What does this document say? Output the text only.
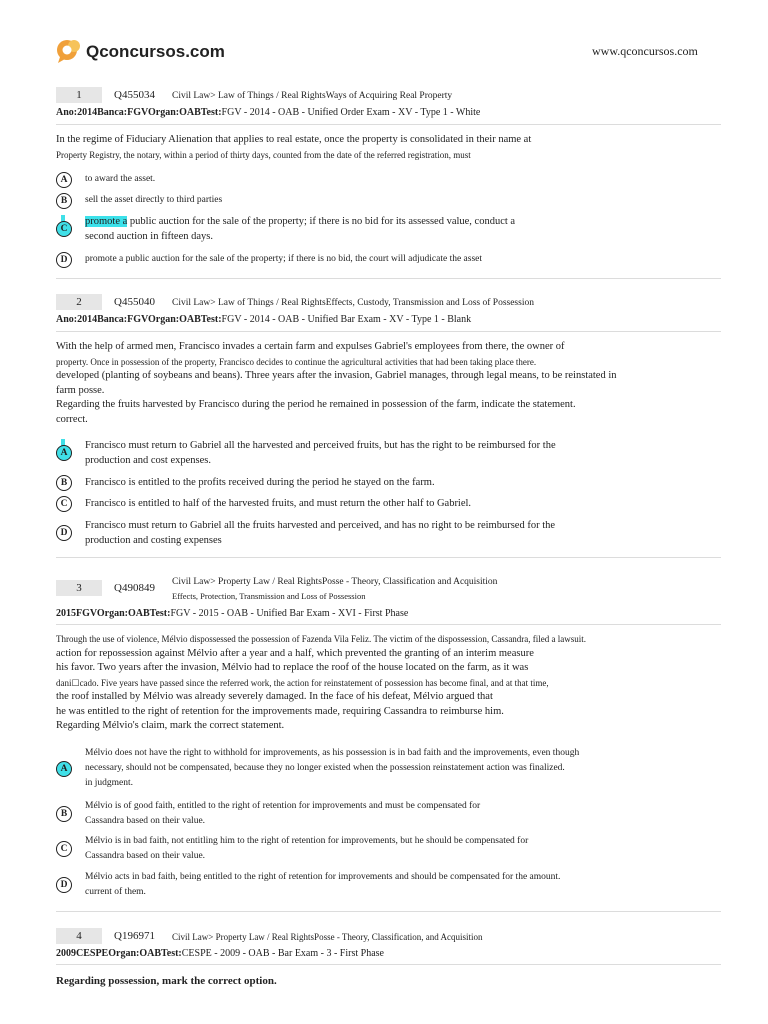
Qconcursos.com	www.qconcursos.com
1	Q455034 Civil Law> Law of Things / Real RightsWays of Acquiring Real Property
Ano:2014Banca:FGVOrgan:OABTest:FGV - 2014 - OAB - Unified Order Exam - XV - Type 1 - White
In the regime of Fiduciary Alienation that applies to real estate, once the property is consolidated in their name at
Property Registry, the notary, within a period of thirty days, counted from the date of the referred registration, must
A	to award the asset.
B	sell the asset directly to third parties
C
promote a public auction for the sale of the property; if there is no bid for its assessed value, conduct a
second auction in fifteen days.
D	promote a public auction for the sale of the property; if there is no bid, the court will adjudicate the asset
2	Q455040 Civil Law> Law of Things / Real RightsEffects, Custody, Transmission and Loss of Possession
Ano:2014Banca:FGVOrgan:OABTest:FGV - 2014 - OAB - Unified Bar Exam - XV - Type 1 - Blank
With the help of armed men, Francisco invades a certain farm and expulses Gabriel's employees from there, the owner of
property. Once in possession of the property, Francisco decides to continue the agricultural activities that had been taking place there.
developed (planting of soybeans and beans). Three years after the invasion, Gabriel manages, through legal means, to be reinstated in
farm posse.
Regarding the fruits harvested by Francisco during the period he remained in possession of the farm, indicate the statement.
correct.
A
Francisco must return to Gabriel all the harvested and perceived fruits, but has the right to be reimbursed for the
production and cost expenses.
B	Francisco is entitled to the profits received during the period he stayed on the farm.
C	Francisco is entitled to half of the harvested fruits, and must return the other half to Gabriel.
D
Francisco must return to Gabriel all the fruits harvested and perceived, and has no right to be reimbursed for the
production and costing expenses
3	Q490849 Civil Law> Property Law / Real RightsPosse - Theory, Classification and Acquisition
Effects, Protection, Transmission and Loss of Possession
2015FGVOrgan:OABTest:FGV - 2015 - OAB - Unified Bar Exam - XVI - First Phase
Through the use of violence, Mélvio dispossessed the possession of Fazenda Vila Feliz. The victim of the dispossession, Cassandra, filed a lawsuit.
action for repossession against Mélvio after a year and a half, which prevented the granting of an interim measure
his favor. Two years after the invasion, Mélvio had to replace the roof of the house located on the farm, as it was
dani☐cado. Five years have passed since the referred work, the action for reinstatement of possession has become final, and at that time,
the roof installed by Mélvio was already severely damaged. In the face of his defeat, Mélvio argued that
he was entitled to the right of retention for the improvements made, requiring Cassandra to reimburse him.
Regarding Mélvio's claim, mark the correct statement.
A
Mélvio does not have the right to withhold for improvements, as his possession is in bad faith and the improvements, even though
necessary, should not be compensated, because they no longer existed when the possession reinstatement action was finalized.
in judgment.
B
Mélvio is of good faith, entitled to the right of retention for improvements and must be compensated for
Cassandra based on their value.
C
Mélvio is in bad faith, not entitling him to the right of retention for improvements, but he should be compensated for
Cassandra based on their value.
D
Mélvio acts in bad faith, being entitled to the right of retention for improvements and should be compensated for the amount.
current of them.
4	Q196971 Civil Law> Property Law / Real RightsPosse - Theory, Classification, and Acquisition
2009CESPEOrgan:OABTest:CESPE - 2009 - OAB - Bar Exam - 3 - First Phase
Regarding possession, mark the correct option.
